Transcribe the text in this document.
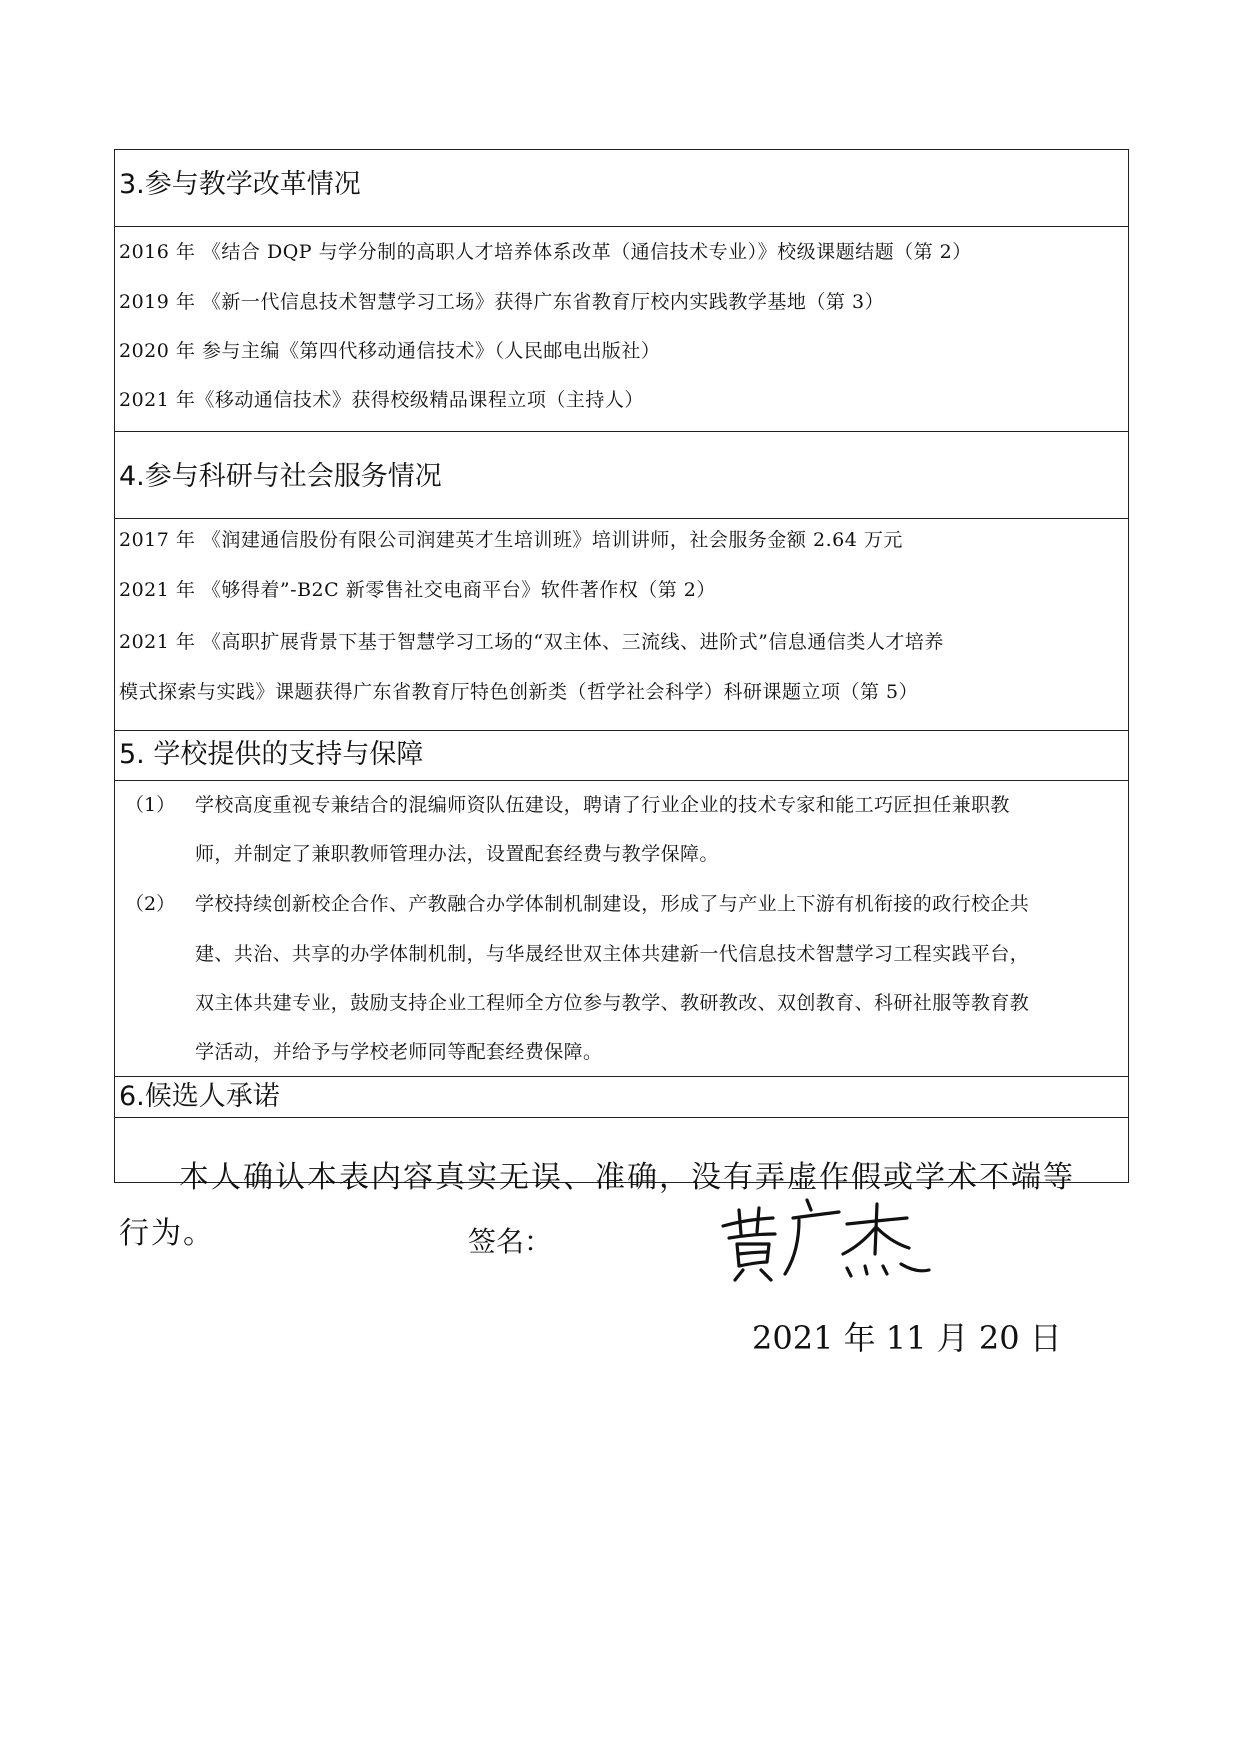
3.参与教学改革情况
2016 年 《结合 DQP 与学分制的高职人才培养体系改革（通信技术专业）》校级课题结题（第 2）
2019 年 《新一代信息技术智慧学习工场》获得广东省教育厅校内实践教学基地（第 3）
2020 年 参与主编《第四代移动通信技术》（人民邮电出版社）
2021 年《移动通信技术》获得校级精品课程立项（主持人）
4.参与科研与社会服务情况
2017 年 《润建通信股份有限公司润建英才生培训班》培训讲师，社会服务金额 2.64 万元
2021 年 《够得着”-B2C 新零售社交电商平台》软件著作权（第 2）
2021 年 《高职扩展背景下基于智慧学习工场的“双主体、三流线、进阶式”信息通信类人才培养
模式探索与实践》课题获得广东省教育厅特色创新类（哲学社会科学）科研课题立项（第 5）
5. 学校提供的支持与保障
（1） 学校高度重视专兼结合的混编师资队伍建设，聘请了行业企业的技术专家和能工巧匠担任兼职教
师，并制定了兼职教师管理办法，设置配套经费与教学保障。
（2） 学校持续创新校企合作、产教融合办学体制机制建设，形成了与产业上下游有机衔接的政行校企共
建、共治、共享的办学体制机制，与华晟经世双主体共建新一代信息技术智慧学习工程实践平台，
双主体共建专业，鼓励支持企业工程师全方位参与教学、教研教改、双创教育、科研社服等教育教
学活动，并给予与学校老师同等配套经费保障。
6.候选人承诺
本人确认本表内容真实无误、准确，没有弄虚作假或学术不端等
行为。	签名：
2021 年 11 月 20 日
